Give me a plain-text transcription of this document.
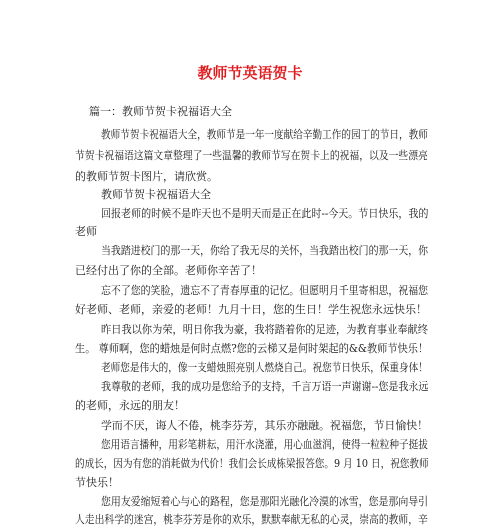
教师节英语贺卡
篇一：教师节贺卡祝福语大全
教师节贺卡祝福语大全，教师节是一年一度献给辛勤工作的园丁的节日，教师
节贺卡祝福语这篇文章整理了一些温馨的教师节写在贺卡上的祝福，以及一些漂亮
的教师节贺卡图片，请欣赏。
教师节贺卡祝福语大全
回报老师的时候不是昨天也不是明天而是正在此时--今天。节日快乐，我的
老师
当我踏进校门的那一天，你给了我无尽的关怀，当我踏出校门的那一天，你
已经付出了你的全部。老师你辛苦了！
忘不了您的笑脸，遗忘不了青春厚重的记忆。但愿明月千里寄相思，祝福您
好老师、老师，亲爱的老师！九月十日，您的生日！学生祝您永远快乐！
昨日我以你为荣，明日你我为豪，我将踏着你的足迹，为教育事业奉献终
生。 尊师啊，您的蜡烛是何时点燃?您的云梯又是何时架起的&&教师节快乐！
老师您是伟大的，像一支蜡烛照亮别人燃烧自己。祝您节日快乐，保重身体！
我尊敬的老师，我的成功是您给予的支持，千言万语一声谢谢--您是我永远
的老师，永远的朋友！
学而不厌，诲人不倦，桃李芬芳，其乐亦融融。祝福您，节日愉快！
您用语言播种，用彩笔耕耘，用汗水浇灌，用心血滋润，使得一粒粒种子挺拔
的成长，因为有您的消耗做为代价！我们会长成栋梁报答您。9 月 10 日，祝您教师
节快乐！
您用友爱缩短着心与心的路程，您是那阳光融化冷漠的冰雪，您是那向导引
人走出科学的迷宫，桃李芬芳是你的欢乐，默默奉献无私的心灵，崇高的教师，辛
